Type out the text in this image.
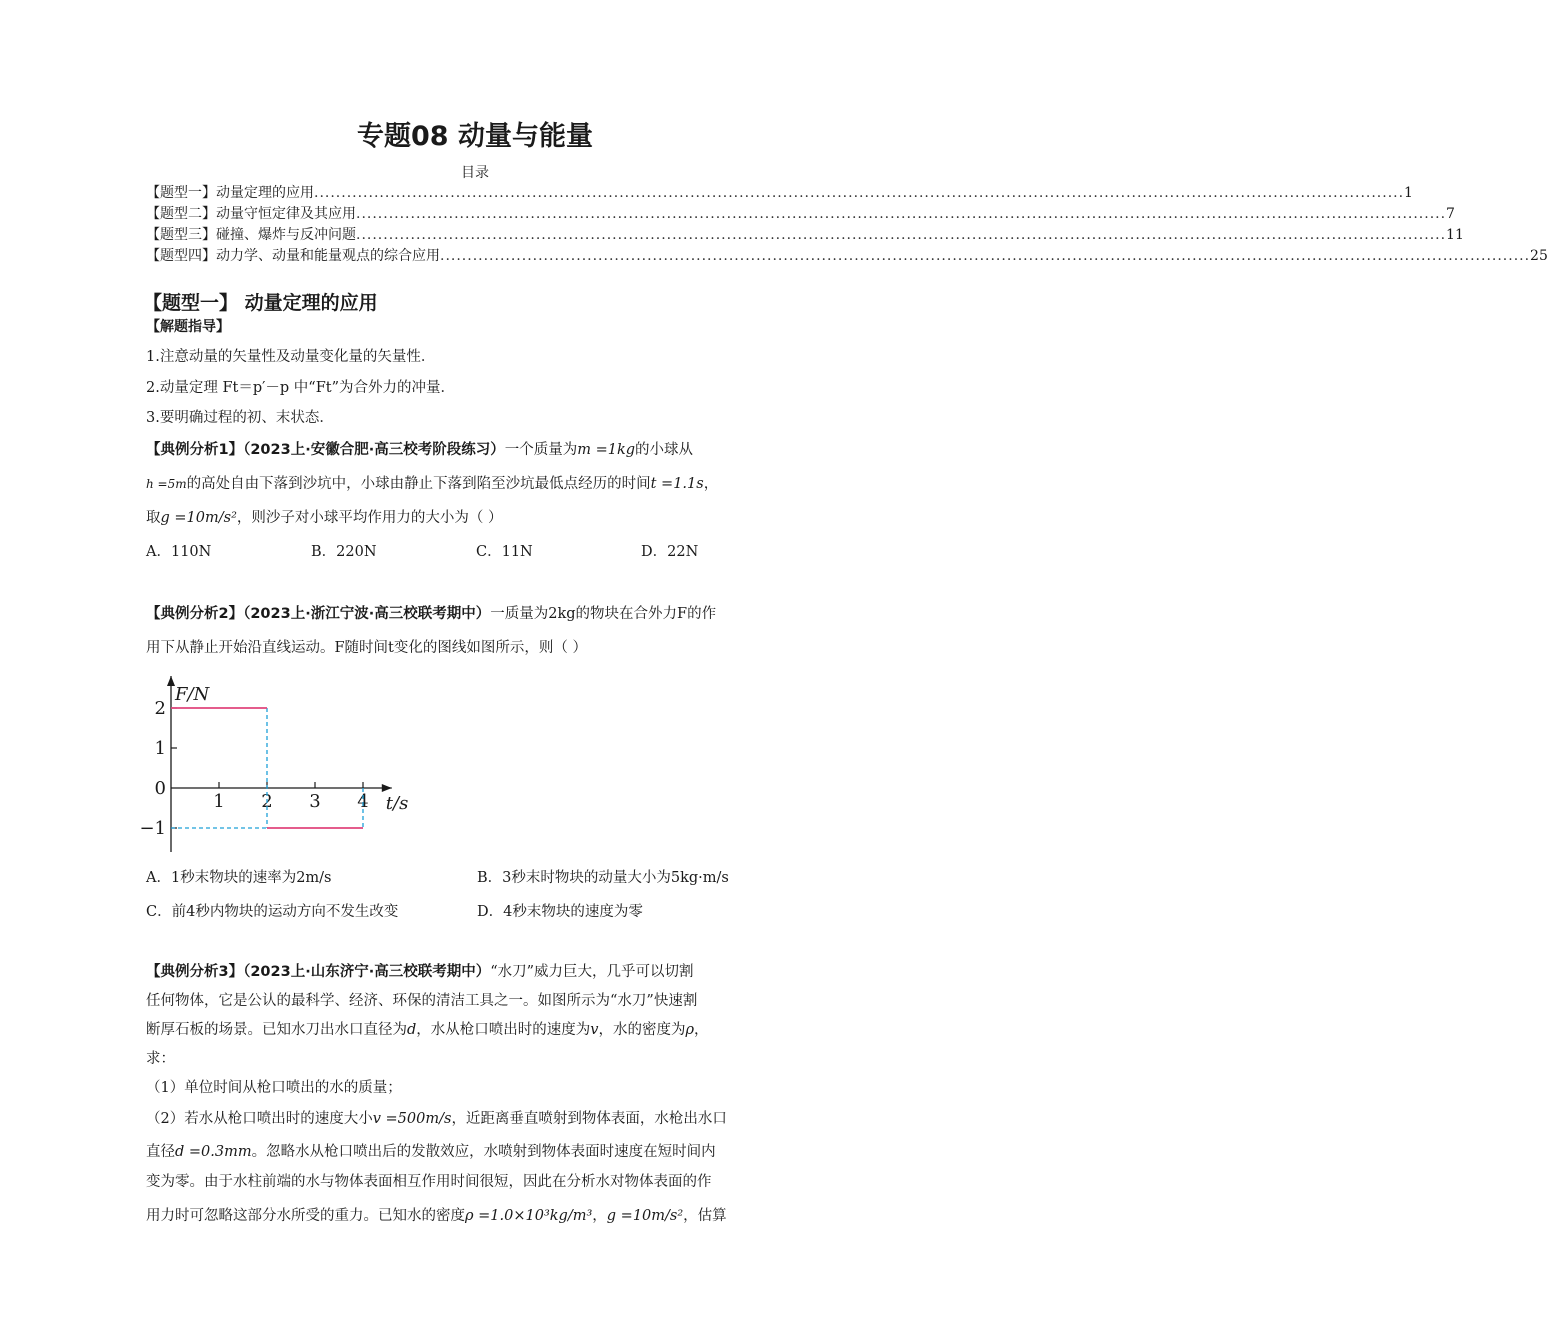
专题08 动量与能量
目录
【题型一】 动量定理的应用 ........................................................................................................................................................................................................ 1
【题型二】 动量守恒定律及其应用 ........................................................................................................................................................................................................ 7
【题型三】 碰撞、爆炸与反冲问题 ........................................................................................................................................................................................................ 11
【题型四】 动力学、动量和能量观点的综合应用 ........................................................................................................................................................................................................ 25
【题型一】 动量定理的应用
【解题指导】
1.注意动量的矢量性及动量变化量的矢量性．
2.动量定理 Ft＝p′－p 中“Ft”为合外力的冲量．
3.要明确过程的初、末状态．
【典例分析1】（2023上·安徽合肥·高三校考阶段练习）一个质量为m =1kg的小球从
h =5m的高处自由下落到沙坑中，小球由静止下落到陷至沙坑最低点经历的时间t =1.1s，
取g =10m/s²，则沙子对小球平均作用力的大小为（ ）
A．110N	B．220N	C．11N	D．22N
【典例分析2】（2023上·浙江宁波·高三校联考期中）一质量为2kg的物块在合外力F的作
用下从静止开始沿直线运动。F随时间t变化的图线如图所示，则（ ）
1 2 3 4
2
1
0
−1
F/N
t/s
A．1秒末物块的速率为2m/s	B．3秒末时物块的动量大小为5kg·m/s
C．前4秒内物块的运动方向不发生改变	D．4秒末物块的速度为零
【典例分析3】（2023上·山东济宁·高三校联考期中）“水刀”威力巨大，几乎可以切割
任何物体，它是公认的最科学、经济、环保的清洁工具之一。如图所示为“水刀”快速割
断厚石板的场景。已知水刀出水口直径为d，水从枪口喷出时的速度为v，水的密度为ρ，
求：
（1）单位时间从枪口喷出的水的质量；
（2）若水从枪口喷出时的速度大小v =500m/s，近距离垂直喷射到物体表面，水枪出水口
直径d =0.3mm。忽略水从枪口喷出后的发散效应，水喷射到物体表面时速度在短时间内
变为零。由于水柱前端的水与物体表面相互作用时间很短，因此在分析水对物体表面的作
用力时可忽略这部分水所受的重力。已知水的密度ρ =1.0×10³kg/m³，g =10m/s²，估算
